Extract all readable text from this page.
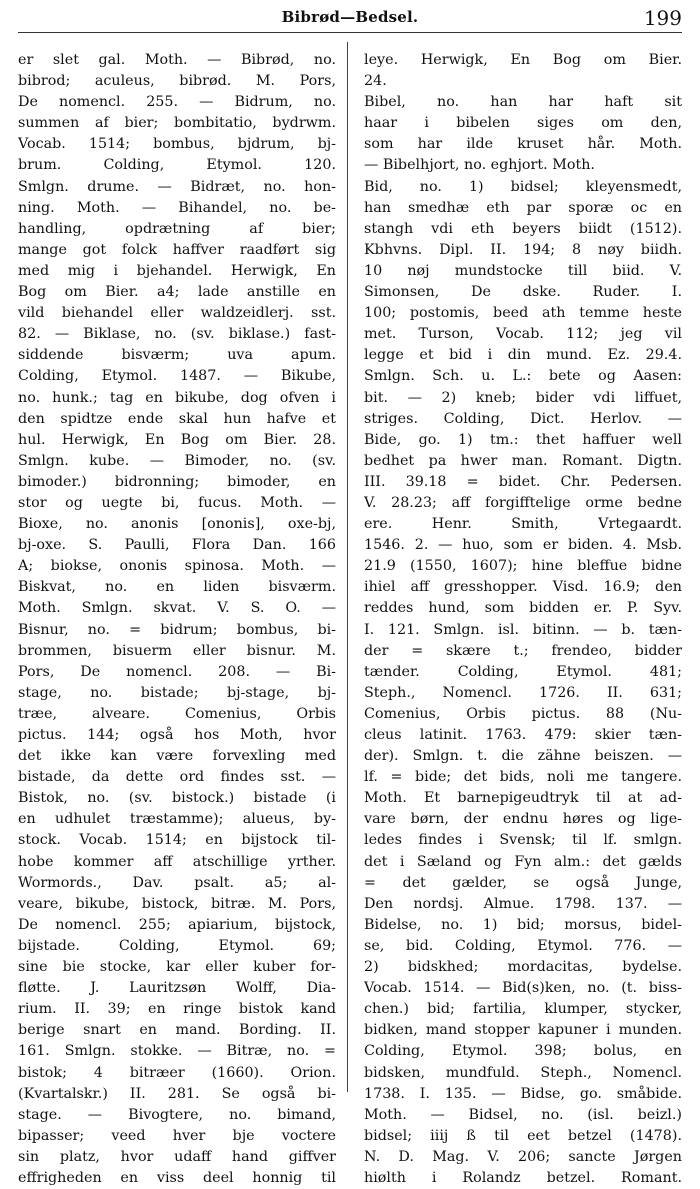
Bibrød—Bedsel.	199
er slet gal. Moth. — Bibrød, no.
bibrod; aculeus, bibrød. M. Pors,
De nomencl. 255. — Bidrum, no.
summen af bier; bombitatio, bydrwm.
Vocab. 1514; bombus, bjdrum, bj-
brum. Colding, Etymol. 120.
Smlgn. drume. — Bidræt, no. hon-
ning. Moth. — Bihandel, no. be-
handling, opdrætning af bier;
mange got folck haffver raadført sig
med mig i bjehandel. Herwigk, En
Bog om Bier. a4; lade anstille en
vild biehandel eller waldzeidlerj. sst.
82. — Biklase, no. (sv. biklase.) fast-
siddende bisværm; uva apum.
Colding, Etymol. 1487. — Bikube,
no. hunk.; tag en bikube, dog ofven i
den spidtze ende skal hun hafve et
hul. Herwigk, En Bog om Bier. 28.
Smlgn. kube. — Bimoder, no. (sv.
bimoder.) bidronning; bimoder, en
stor og uegte bi, fucus. Moth. —
Bioxe, no. anonis [ononis], oxe-bj,
bj-oxe. S. Paulli, Flora Dan. 166
A; biokse, ononis spinosa. Moth. —
Biskvat, no. en liden bisværm.
Moth. Smlgn. skvat. V. S. O. —
Bisnur, no. = bidrum; bombus, bi-
brommen, bisuerm eller bisnur. M.
Pors, De nomencl. 208. — Bi-
stage, no. bistade; bj-stage, bj-
træe, alveare. Comenius, Orbis
pictus. 144; også hos Moth, hvor
det ikke kan være forvexling med
bistade, da dette ord findes sst. —
Bistok, no. (sv. bistock.) bistade (i
en udhulet træstamme); alueus, by-
stock. Vocab. 1514; en bijstock til-
hobe kommer aff atschillige yrther.
Wormords., Dav. psalt. a5; al-
veare, bikube, bistock, bitræ. M. Pors,
De nomencl. 255; apiarium, bijstock,
bijstade. Colding, Etymol. 69;
sine bie stocke, kar eller kuber for-
fløtte. J. Lauritzsøn Wolff, Dia-
rium. II. 39; en ringe bistok kand
berige snart en mand. Bording. II.
161. Smlgn. stokke. — Bitræ, no. =
bistok; 4 bitræer (1660). Orion.
(Kvartalskr.) II. 281. Se også bi-
stage. — Bivogtere, no. bimand,
bipasser; veed hver bje voctere
sin platz, hvor udaff hand giffver
effrigheden en viss deel honnig til
leye. Herwigk, En Bog om Bier.
24.
Bibel, no. han har haft sit
haar i bibelen siges om den,
som har ilde kruset hår. Moth.
— Bibelhjort, no. eghjort. Moth.
Bid, no. 1) bidsel; kleyensmedt,
han smedhæ eth par sporæ oc en
stangh vdi eth beyers biidt (1512).
Kbhvns. Dipl. II. 194; 8 nøy biidh.
10 nøj mundstocke till biid. V.
Simonsen, De dske. Ruder. I.
100; postomis, beed ath temme heste
met. Turson, Vocab. 112; jeg vil
legge et bid i din mund. Ez. 29.4.
Smlgn. Sch. u. L.: bete og Aasen:
bit. — 2) kneb; bider vdi liffuet,
striges. Colding, Dict. Herlov. —
Bide, go. 1) tm.: thet haffuer well
bedhet pa hwer man. Romant. Digtn.
III. 39.18 = bidet. Chr. Pedersen.
V. 28.23; aff forgifftelige orme bedne
ere. Henr. Smith, Vrtegaardt.
1546. 2. — huo, som er biden. 4. Msb.
21.9 (1550, 1607); hine bleffue bidne
ihiel aff gresshopper. Visd. 16.9; den
reddes hund, som bidden er. P. Syv.
I. 121. Smlgn. isl. bitinn. — b. tæn-
der = skære t.; frendeo, bidder
tænder. Colding, Etymol. 481;
Steph., Nomencl. 1726. II. 631;
Comenius, Orbis pictus. 88 (Nu-
cleus latinit. 1763. 479: skier tæn-
der). Smlgn. t. die zähne beiszen. —
lf. = bide; det bids, noli me tangere.
Moth. Et barnepigeudtryk til at ad-
vare børn, der endnu høres og lige-
ledes findes i Svensk; til lf. smlgn.
det i Sæland og Fyn alm.: det gælds
= det gælder, se også Junge,
Den nordsj. Almue. 1798. 137. —
Bidelse, no. 1) bid; morsus, bidel-
se, bid. Colding, Etymol. 776. —
2) bidskhed; mordacitas, bydelse.
Vocab. 1514. — Bid(s)ken, no. (t. biss-
chen.) bid; fartilia, klumper, stycker,
bidken, mand stopper kapuner i munden.
Colding, Etymol. 398; bolus, en
bidsken, mundfuld. Steph., Nomencl.
1738. I. 135. — Bidse, go. småbide.
Moth. — Bidsel, no. (isl. beizl.)
bidsel; iiij ß til eet betzel (1478).
N. D. Mag. V. 206; sancte Jørgen
hiølth i Rolandz betzel. Romant.
